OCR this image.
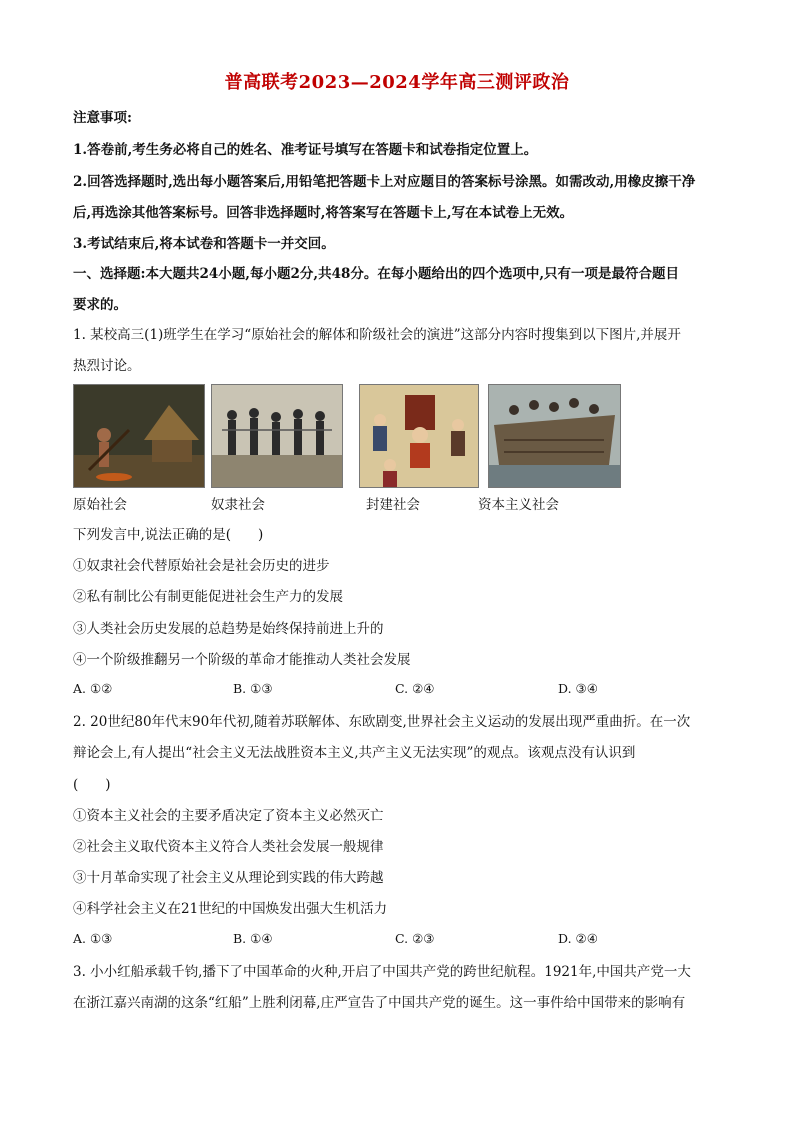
普高联考2023—2024学年高三测评政治
注意事项:
1.答卷前,考生务必将自己的姓名、准考证号填写在答题卡和试卷指定位置上。
2.回答选择题时,选出每小题答案后,用铅笔把答题卡上对应题目的答案标号涂黑。如需改动,用橡皮擦干净
后,再选涂其他答案标号。回答非选择题时,将答案写在答题卡上,写在本试卷上无效。
3.考试结束后,将本试卷和答题卡一并交回。
一、选择题:本大题共24小题,每小题2分,共48分。在每小题给出的四个选项中,只有一项是最符合题目
要求的。
1. 某校高三(1)班学生在学习“原始社会的解体和阶级社会的演进”这部分内容时搜集到以下图片,并展开
热烈讨论。
原始社会	奴隶社会	封建社会	资本主义社会
下列发言中,说法正确的是(　　)
①奴隶社会代替原始社会是社会历史的进步
②私有制比公有制更能促进社会生产力的发展
③人类社会历史发展的总趋势是始终保持前进上升的
④一个阶级推翻另一个阶级的革命才能推动人类社会发展
A. ①②	B. ①③	C. ②④	D. ③④
2. 20世纪80年代末90年代初,随着苏联解体、东欧剧变,世界社会主义运动的发展出现严重曲折。在一次
辩论会上,有人提出“社会主义无法战胜资本主义,共产主义无法实现”的观点。该观点没有认识到
(　　)
①资本主义社会的主要矛盾决定了资本主义必然灭亡
②社会主义取代资本主义符合人类社会发展一般规律
③十月革命实现了社会主义从理论到实践的伟大跨越
④科学社会主义在21世纪的中国焕发出强大生机活力
A. ①③	B. ①④	C. ②③	D. ②④
3. 小小红船承载千钧,播下了中国革命的火种,开启了中国共产党的跨世纪航程。1921年,中国共产党一大
在浙江嘉兴南湖的这条“红船”上胜利闭幕,庄严宣告了中国共产党的诞生。这一事件给中国带来的影响有
